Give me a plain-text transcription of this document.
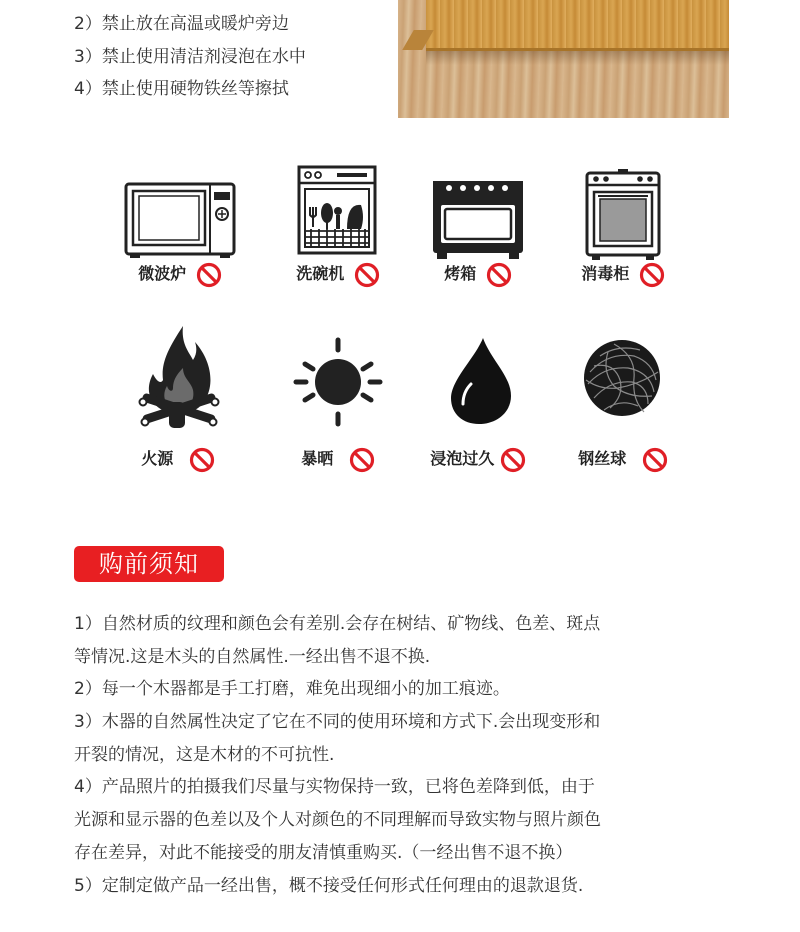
2）禁止放在高温或暖炉旁边
3）禁止使用清洁剂浸泡在水中
4）禁止使用硬物铁丝等擦拭
微波炉	洗碗机	烤箱	消毒柜
火源	暴晒	浸泡过久	钢丝球
购前须知
1）自然材质的纹理和颜色会有差别.会存在树结、矿物线、色差、斑点
等情况.这是木头的自然属性.一经出售不退不换.
2）每一个木器都是手工打磨，难免出现细小的加工痕迹。
3）木器的自然属性决定了它在不同的使用环境和方式下.会出现变形和
开裂的情况，这是木材的不可抗性.
4）产品照片的拍摄我们尽量与实物保持一致，已将色差降到低，由于
光源和显示器的色差以及个人对颜色的不同理解而导致实物与照片颜色
存在差异，对此不能接受的朋友清慎重购买.（一经出售不退不换）
5）定制定做产品一经出售，概不接受任何形式任何理由的退款退货.
